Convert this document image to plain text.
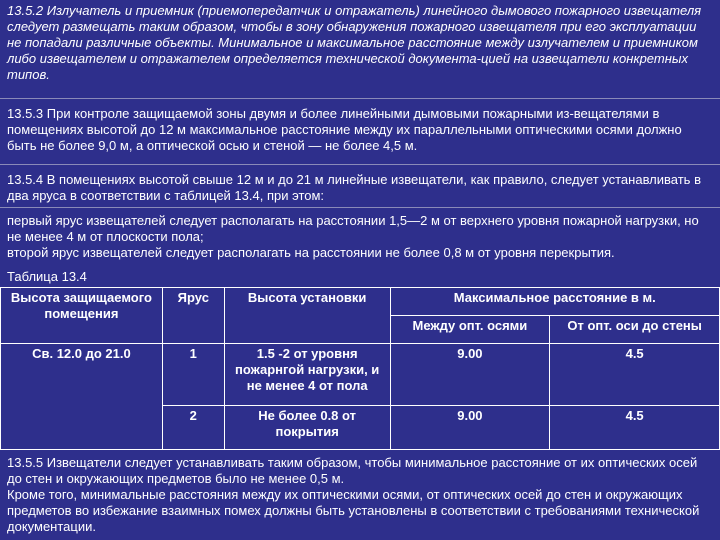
13.5.2 Излучатель и приемник (приемопередатчик и отражатель) линейного дымового пожарного извещателя следует размещать таким образом, чтобы в зону обнаружения пожарного извещателя при его эксплуатации не попадали различные объекты. Минимальное и максимальное расстояние между излучателем и приемником либо извещателем и отражателем определяется технической документа-цией на извещатели конкретных типов.
13.5.3 При контроле защищаемой зоны двумя и более линейными дымовыми пожарными из-вещателями в помещениях высотой до 12 м максимальное расстояние между их параллельными оптическими осями должно быть не более 9,0 м, а оптической осью и стеной — не более 4,5 м.
13.5.4 В помещениях высотой свыше 12 м и до 21 м линейные извещатели, как правило, следует устанавливать в два яруса в соответствии с таблицей 13.4, при этом:
первый ярус извещателей следует располагать на расстоянии 1,5—2 м от верхнего уровня пожарной нагрузки, но не менее 4 м от плоскости пола;
второй ярус извещателей следует располагать на расстоянии не более 0,8 м от уровня перекрытия.
Таблица 13.4
Высота защищаемого помещения	Ярус	Высота установки	Максимальное расстояние в м.	
			Между опт. осями	От опт. оси до стены
Св. 12.0 до 21.0	1	1.5 -2 от уровня пожарнгой нагрузки, и не менее 4 от пола	9.00	4.5
	2	Не более 0.8 от покрытия	9.00	4.5
13.5.5 Извещатели следует устанавливать таким образом, чтобы минимальное расстояние от их оптических осей до стен и окружающих предметов было не менее 0,5 м.
Кроме того, минимальные расстояния между их оптическими осями, от оптических осей до стен и окружающих предметов во избежание взаимных помех должны быть установлены в соответствии с требованиями технической документации.
